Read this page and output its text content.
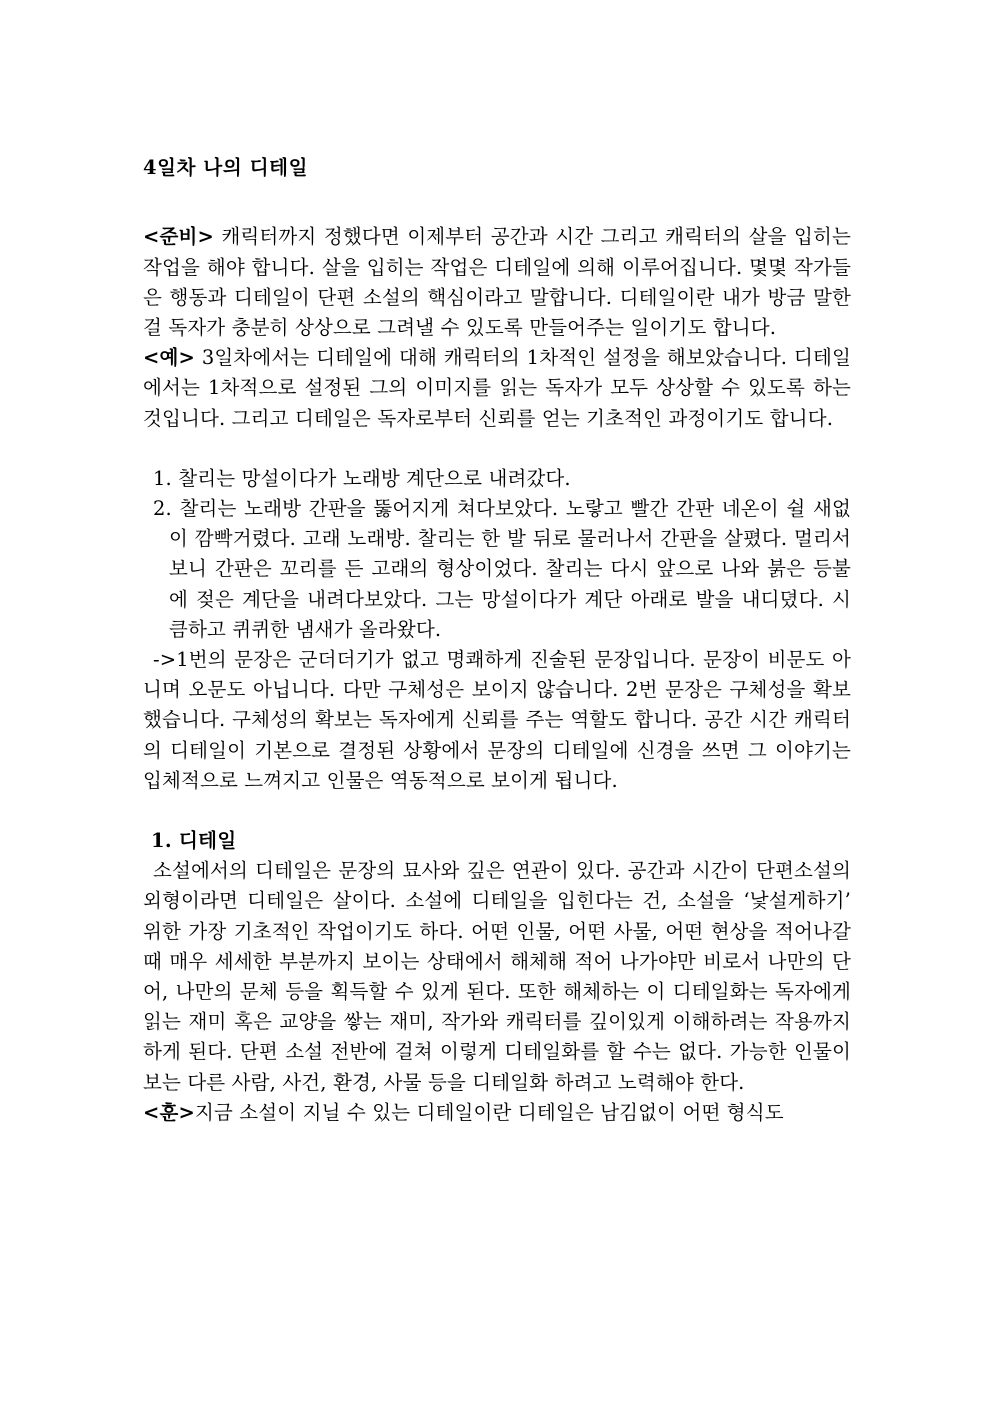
4일차 나의 디테일

<준비> 캐릭터까지 정했다면 이제부터 공간과 시간 그리고 캐릭터의 살을 입히는 작업을 해야 합니다. 살을 입히는 작업은 디테일에 의해 이루어집니다. 몇몇 작가들은 행동과 디테일이 단편 소설의 핵심이라고 말합니다. 디테일이란 내가 방금 말한 걸 독자가 충분히 상상으로 그려낼 수 있도록 만들어주는 일이기도 합니다.

<예> 3일차에서는 디테일에 대해 캐릭터의 1차적인 설정을 해보았습니다. 디테일에서는 1차적으로 설정된 그의 이미지를 읽는 독자가 모두 상상할 수 있도록 하는 것입니다. 그리고 디테일은 독자로부터 신뢰를 얻는 기초적인 과정이기도 합니다.

1. 찰리는 망설이다가 노래방 계단으로 내려갔다.
2. 찰리는 노래방 간판을 뚫어지게 쳐다보았다. 노랗고 빨간 간판 네온이 쉴 새없이 깜빡거렸다. 고래 노래방. 찰리는 한 발 뒤로 물러나서 간판을 살폈다. 멀리서 보니 간판은 꼬리를 든 고래의 형상이었다. 찰리는 다시 앞으로 나와 붉은 등불에 젖은 계단을 내려다보았다. 그는 망설이다가 계단 아래로 발을 내디뎠다. 시큼하고 퀴퀴한 냄새가 올라왔다.

->1번의 문장은 군더더기가 없고 명쾌하게 진술된 문장입니다. 문장이 비문도 아니며 오문도 아닙니다. 다만 구체성은 보이지 않습니다. 2번 문장은 구체성을 확보했습니다. 구체성의 확보는 독자에게 신뢰를 주는 역할도 합니다. 공간 시간 캐릭터의 디테일이 기본으로 결정된 상황에서 문장의 디테일에 신경을 쓰면 그 이야기는 입체적으로 느껴지고 인물은 역동적으로 보이게 됩니다.

1. 디테일

소설에서의 디테일은 문장의 묘사와 깊은 연관이 있다. 공간과 시간이 단편소설의 외형이라면 디테일은 살이다. 소설에 디테일을 입힌다는 건, 소설을 ‘낯설게하기’ 위한 가장 기초적인 작업이기도 하다. 어떤 인물, 어떤 사물, 어떤 현상을 적어나갈 때 매우 세세한 부분까지 보이는 상태에서 해체해 적어 나가야만 비로서 나만의 단어, 나만의 문체 등을 획득할 수 있게 된다. 또한 해체하는 이 디테일화는 독자에게 읽는 재미 혹은 교양을 쌓는 재미, 작가와 캐릭터를 깊이있게 이해하려는 작용까지 하게 된다. 단편 소설 전반에 걸쳐 이렇게 디테일화를 할 수는 없다. 가능한 인물이 보는 다른 사람, 사건, 환경, 사물 등을 디테일화 하려고 노력해야 한다.

<훈>지금 소설이 지닐 수 있는 디테일이란 디테일은 남김없이 어떤 형식도
